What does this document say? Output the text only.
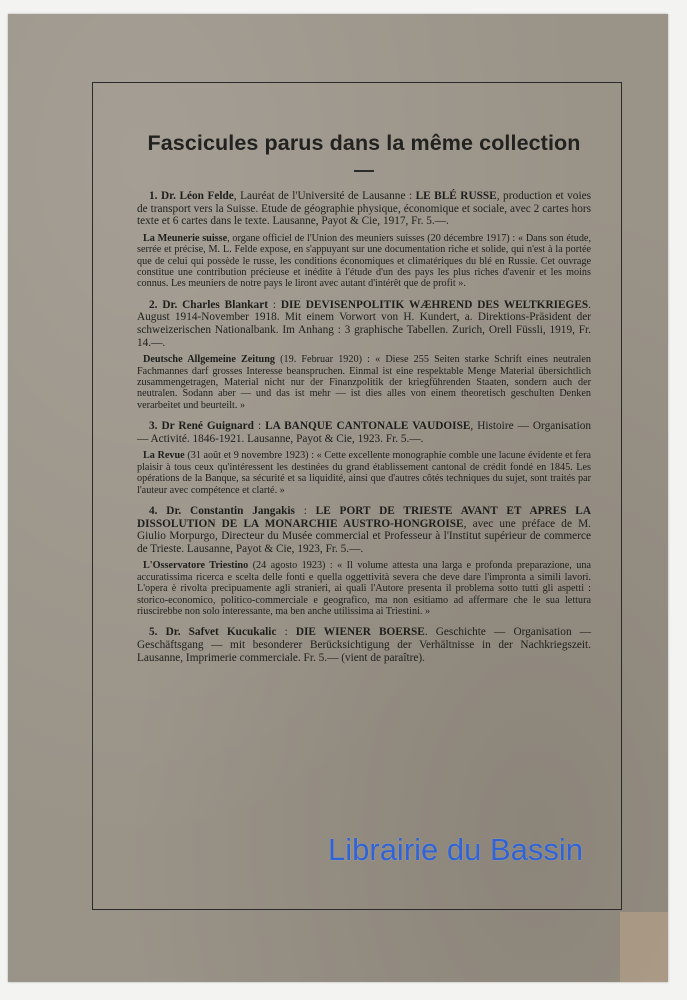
Fascicules parus dans la même collection

1. Dr. Léon Felde, Lauréat de l'Université de Lausanne : LE BLÉ RUSSE, production et voies de transport vers la Suisse. Etude de géographie physique, économique et sociale, avec 2 cartes hors texte et 6 cartes dans le texte. Lausanne, Payot & Cie, 1917, Fr. 5.—.

La Meunerie suisse, organe officiel de l'Union des meuniers suisses (20 décembre 1917) : « Dans son étude, serrée et précise, M. L. Felde expose, en s'appuyant sur une documentation riche et solide, qui n'est à la portée que de celui qui possède le russe, les conditions économiques et climatériques du blé en Russie. Cet ouvrage constitue une contribution précieuse et inédite à l'étude d'un des pays les plus riches d'avenir et les moins connus. Les meuniers de notre pays le liront avec autant d'intérêt que de profit ».

2. Dr. Charles Blankart : DIE DEVISENPOLITIK WÆHREND DES WELTKRIEGES. August 1914-November 1918. Mit einem Vorwort von H. Kundert, a. Direktions-Präsident der schweizerischen Nationalbank. Im Anhang : 3 graphische Tabellen. Zurich, Orell Füssli, 1919, Fr. 14.—.

Deutsche Allgemeine Zeitung (19. Februar 1920) : « Diese 255 Seiten starke Schrift eines neutralen Fachmannes darf grosses Interesse beanspruchen. Einmal ist eine respektable Menge Material übersichtlich zusammengetragen, Material nicht nur der Finanzpolitik der kriegführenden Staaten, sondern auch der neutralen. Sodann aber — und das ist mehr — ist dies alles von einem theoretisch geschulten Denken verarbeitet und beurteilt. »

3. Dr René Guignard : LA BANQUE CANTONALE VAUDOISE, Histoire — Organisation — Activité. 1846-1921. Lausanne, Payot & Cie, 1923. Fr. 5.—.

La Revue (31 août et 9 novembre 1923) : « Cette excellente monographie comble une lacune évidente et fera plaisir à tous ceux qu'intéressent les destinées du grand établissement cantonal de crédit fondé en 1845. Les opérations de la Banque, sa sécurité et sa liquidité, ainsi que d'autres côtés techniques du sujet, sont traités par l'auteur avec compétence et clarté. »

4. Dr. Constantin Jangakis : LE PORT DE TRIESTE AVANT ET APRES LA DISSOLUTION DE LA MONARCHIE AUSTRO-HONGROISE, avec une préface de M. Giulio Morpurgo, Directeur du Musée commercial et Professeur à l'Institut supérieur de commerce de Trieste. Lausanne, Payot & Cie, 1923, Fr. 5.—.

L'Osservatore Triestino (24 agosto 1923) : « Il volume attesta una larga e profonda preparazione, una accuratissima ricerca e scelta delle fonti e quella oggettività severa che deve dare l'impronta a simili lavori. L'opera è rivolta precipuamente agli stranieri, ai quali l'Autore presenta il problema sotto tutti gli aspetti : storico-economico, politico-commerciale e geografico, ma non esitiamo ad affermare che le sua lettura riuscirebbe non solo interessante, ma ben anche utilissima ai Triestini. »

5. Dr. Safvet Kucukalic : DIE WIENER BOERSE. Geschichte — Organisation — Geschäftsgang — mit besonderer Berücksichtigung der Verhältnisse in der Nachkriegszeit. Lausanne, Imprimerie commerciale. Fr. 5.— (vient de paraître).

Librairie du Bassin
